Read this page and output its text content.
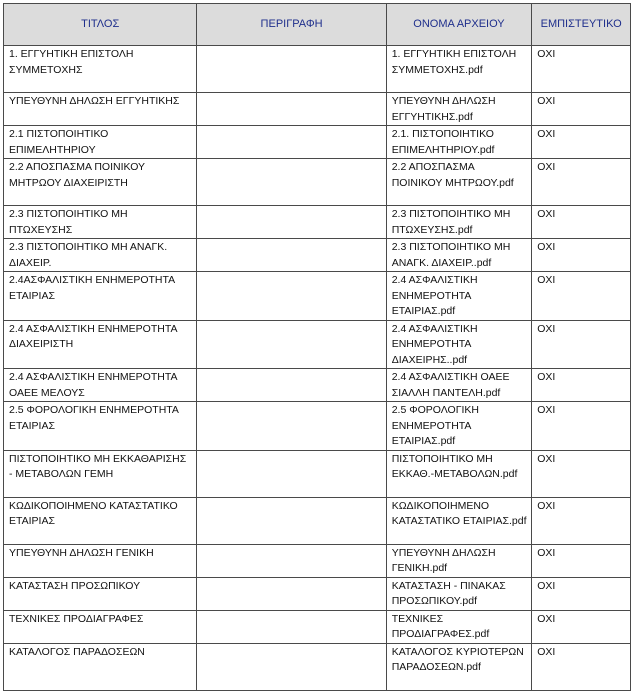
ΤΙΤΛΟΣ	ΠΕΡΙΓΡΑΦΗ	ΟΝΟΜΑ ΑΡΧΕΙΟΥ	ΕΜΠΙΣΤΕΥΤΙΚΟ
1. ΕΓΓΥΗΤΙΚΗ ΕΠΙΣΤΟΛΗ ΣΥΜΜΕΤΟΧΗΣ		1. ΕΓΓΥΗΤΙΚΗ ΕΠΙΣΤΟΛΗ ΣΥΜΜΕΤΟΧΗΣ.pdf	ΟΧΙ
ΥΠΕΥΘΥΝΗ ΔΗΛΩΣΗ ΕΓΓΥΗΤΙΚΗΣ		ΥΠΕΥΘΥΝΗ ΔΗΛΩΣΗ ΕΓΓΥΗΤΙΚΗΣ.pdf	ΟΧΙ
2.1 ΠΙΣΤΟΠΟΙΗΤΙΚΟ ΕΠΙΜΕΛΗΤΗΡΙΟΥ		2.1. ΠΙΣΤΟΠΟΙΗΤΙΚΟ ΕΠΙΜΕΛΗΤΗΡΙΟΥ.pdf	ΟΧΙ
2.2 ΑΠΟΣΠΑΣΜΑ ΠΟΙΝΙΚΟΥ ΜΗΤΡΩΟΥ ΔΙΑΧΕΙΡΙΣΤΗ		2.2 ΑΠΟΣΠΑΣΜΑ ΠΟΙΝΙΚΟΥ ΜΗΤΡΩΟΥ.pdf	ΟΧΙ
2.3 ΠΙΣΤΟΠΟΙΗΤΙΚΟ ΜΗ ΠΤΩΧΕΥΣΗΣ		2.3 ΠΙΣΤΟΠΟΙΗΤΙΚΟ ΜΗ ΠΤΩΧΕΥΣΗΣ.pdf	ΟΧΙ
2.3 ΠΙΣΤΟΠΟΙΗΤΙΚΟ ΜΗ ΑΝΑΓΚ. ΔΙΑΧΕΙΡ.		2.3 ΠΙΣΤΟΠΟΙΗΤΙΚΟ ΜΗ ΑΝΑΓΚ. ΔΙΑΧΕΙΡ..pdf	ΟΧΙ
2.4ΑΣΦΑΛΙΣΤΙΚΗ ΕΝΗΜΕΡΟΤΗΤΑ ΕΤΑΙΡΙΑΣ		2.4 ΑΣΦΑΛΙΣΤΙΚΗ ΕΝΗΜΕΡΟΤΗΤΑ ΕΤΑΙΡΙΑΣ.pdf	ΟΧΙ
2.4 ΑΣΦΑΛΙΣΤΙΚΗ ΕΝΗΜΕΡΟΤΗΤΑ ΔΙΑΧΕΙΡΙΣΤΗ		2.4 ΑΣΦΑΛΙΣΤΙΚΗ ΕΝΗΜΕΡΟΤΗΤΑ ΔΙΑΧΕΙΡΗΣ..pdf	ΟΧΙ
2.4 ΑΣΦΑΛΙΣΤΙΚΗ ΕΝΗΜΕΡΟΤΗΤΑ ΟΑΕΕ ΜΕΛΟΥΣ		2.4 ΑΣΦΑΛΙΣΤΙΚΗ ΟΑΕΕ ΣΙΑΛΛΗ ΠΑΝΤΕΛΗ.pdf	ΟΧΙ
2.5 ΦΟΡΟΛΟΓΙΚΗ ΕΝΗΜΕΡΟΤΗΤΑ ΕΤΑΙΡΙΑΣ		2.5 ΦΟΡΟΛΟΓΙΚΗ ΕΝΗΜΕΡΟΤΗΤΑ ΕΤΑΙΡΙΑΣ.pdf	ΟΧΙ
ΠΙΣΤΟΠΟΙΗΤΙΚΟ ΜΗ ΕΚΚΑΘΑΡΙΣΗΣ - ΜΕΤΑΒΟΛΩΝ ΓΕΜΗ		ΠΙΣΤΟΠΟΙΗΤΙΚΟ ΜΗ ΕΚΚΑΘ.-ΜΕΤΑΒΟΛΩΝ.pdf	ΟΧΙ
ΚΩΔΙΚΟΠΟΙΗΜΕΝΟ ΚΑΤΑΣΤΑΤΙΚΟ ΕΤΑΙΡΙΑΣ		ΚΩΔΙΚΟΠΟΙΗΜΕΝΟ ΚΑΤΑΣΤΑΤΙΚΟ ΕΤΑΙΡΙΑΣ.pdf	ΟΧΙ
ΥΠΕΥΘΥΝΗ ΔΗΛΩΣΗ ΓΕΝΙΚΗ		ΥΠΕΥΘΥΝΗ ΔΗΛΩΣΗ ΓΕΝΙΚΗ.pdf	ΟΧΙ
ΚΑΤΑΣΤΑΣΗ ΠΡΟΣΩΠΙΚΟΥ		ΚΑΤΑΣΤΑΣΗ - ΠΙΝΑΚΑΣ ΠΡΟΣΩΠΙΚΟΥ.pdf	ΟΧΙ
ΤΕΧΝΙΚΕΣ ΠΡΟΔΙΑΓΡΑΦΕΣ		ΤΕΧΝΙΚΕΣ ΠΡΟΔΙΑΓΡΑΦΕΣ.pdf	ΟΧΙ
ΚΑΤΑΛΟΓΟΣ ΠΑΡΑΔΟΣΕΩΝ		ΚΑΤΑΛΟΓΟΣ ΚΥΡΙΟΤΕΡΩΝ ΠΑΡΑΔΟΣΕΩΝ.pdf	ΟΧΙ
